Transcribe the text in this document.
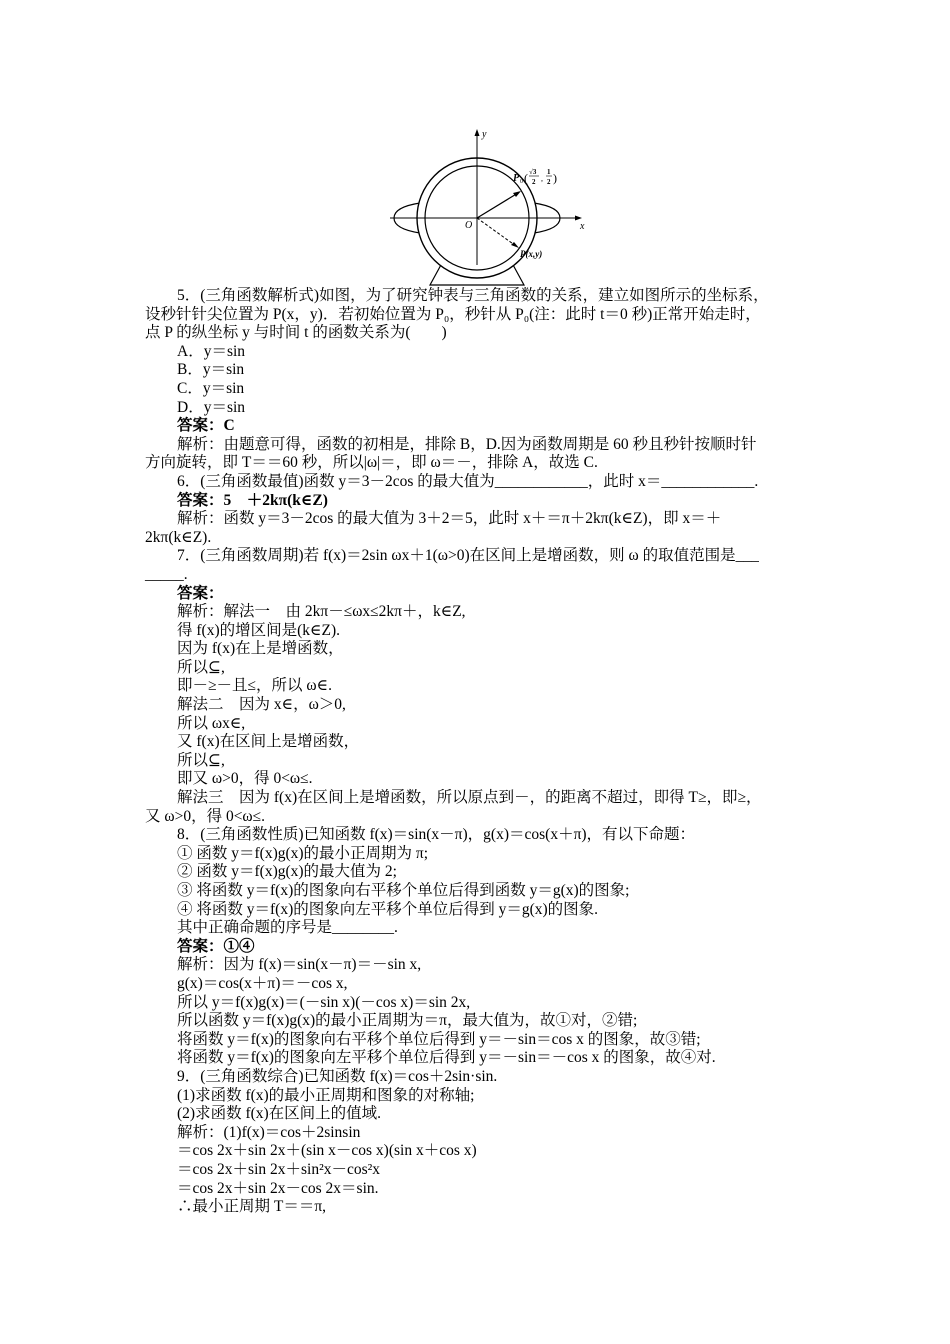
y
x
O
P 0 ( √3
2 ,
1
2 )
P(x,y)
5．(三角函数解析式)如图，为了研究钟表与三角函数的关系，建立如图所示的坐标系，
设秒针针尖位置为 P(x，y)．若初始位置为 P₀，秒针从 P₀(注：此时 t＝0 秒)正常开始走时，
点 P 的纵坐标 y 与时间 t 的函数关系为(　　)
A．y＝sin
B．y＝sin
C．y＝sin
D．y＝sin
答案：C
解析：由题意可得，函数的初相是，排除 B，D.因为函数周期是 60 秒且秒针按顺时针
方向旋转，即 T＝＝60 秒，所以|ω|＝，即 ω＝－，排除 A，故选 C.
6．(三角函数最值)函数 y＝3－2cos 的最大值为____________，此时 x＝____________.
答案：5　＋2kπ(k∈Z)
解析：函数 y＝3－2cos 的最大值为 3＋2＝5，此时 x＋＝π＋2kπ(k∈Z)，即 x＝＋
2kπ(k∈Z).
7．(三角函数周期)若 f(x)＝2sin ωx＋1(ω>0)在区间上是增函数，则 ω 的取值范围是___
_____.
答案：
解析：解法一　由 2kπ－≤ωx≤2kπ＋，k∈Z,
得 f(x)的增区间是(k∈Z).
因为 f(x)在上是增函数，
所以⊆,
即－≥－且≤，所以 ω∈.
解法二　因为 x∈，ω＞0,
所以 ωx∈,
又 f(x)在区间上是增函数，
所以⊆,
即又 ω>0，得 0<ω≤.
解法三　因为 f(x)在区间上是增函数，所以原点到－，的距离不超过，即得 T≥，即≥，
又 ω>0，得 0<ω≤.
8．(三角函数性质)已知函数 f(x)＝sin(x－π)，g(x)＝cos(x＋π)，有以下命题：
① 函数 y＝f(x)g(x)的最小正周期为 π;
② 函数 y＝f(x)g(x)的最大值为 2;
③ 将函数 y＝f(x)的图象向右平移个单位后得到函数 y＝g(x)的图象;
④ 将函数 y＝f(x)的图象向左平移个单位后得到 y＝g(x)的图象.
其中正确命题的序号是________.
答案：①④
解析：因为 f(x)＝sin(x－π)＝－sin x,
g(x)＝cos(x＋π)＝－cos x,
所以 y＝f(x)g(x)＝(－sin x)(－cos x)＝sin 2x,
所以函数 y＝f(x)g(x)的最小正周期为＝π，最大值为，故①对，②错;
将函数 y＝f(x)的图象向右平移个单位后得到 y＝－sin＝cos x 的图象，故③错;
将函数 y＝f(x)的图象向左平移个单位后得到 y＝－sin＝－cos x 的图象，故④对.
9．(三角函数综合)已知函数 f(x)＝cos＋2sin·sin.
(1)求函数 f(x)的最小正周期和图象的对称轴;
(2)求函数 f(x)在区间上的值域.
解析：(1)f(x)＝cos＋2sinsin
＝cos 2x＋sin 2x＋(sin x－cos x)(sin x＋cos x)
＝cos 2x＋sin 2x＋sin²x－cos²x
＝cos 2x＋sin 2x－cos 2x＝sin.
∴最小正周期 T＝＝π,
